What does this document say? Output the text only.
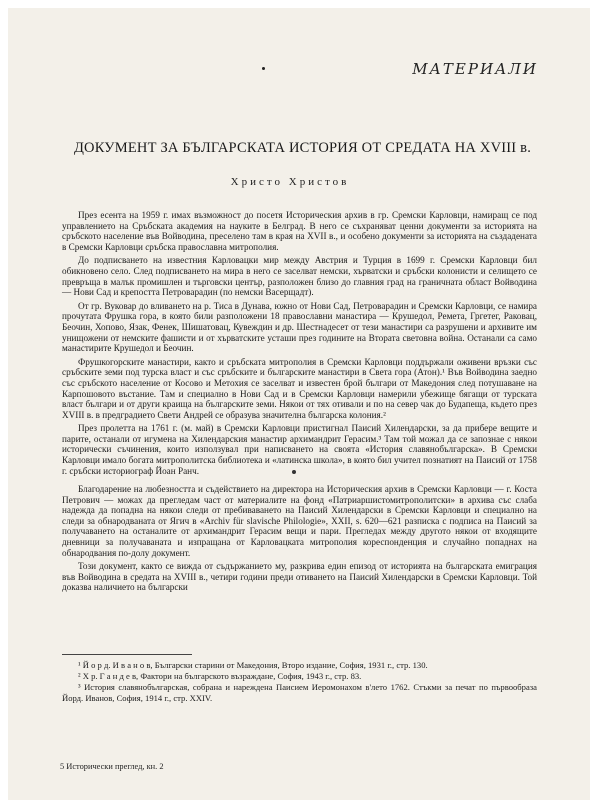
МАТЕРИАЛИ
ДОКУМЕНТ ЗА БЪЛГАРСКАТА ИСТОРИЯ ОТ СРЕДАТА НА XVIII в.
Христо Христов

През есента на 1959 г. имах възможност до посетя Историческия архив в гр. Сремски Карловци, намиращ се под управлението на Сръбската академия на науките в Белград. В него се съхраняват ценни документи за историята на сръбското население във Войводина, преселено там в края на XVII в., и особено документи за историята на създадената в Сремски Карловци сръбска православна митрополия.

До подписването на известния Карловацки мир между Австрия и Турция в 1699 г. Сремски Карловци бил обикновено село. След подписването на мира в него се заселват немски, хърватски и сръбски колонисти и селището се превръща в малък промишлен и търговски център, разположен близо до главния град на граничната област Войводина — Нови Сад и крепостта Петроварадин (по немски Васерщадт).

От гр. Вуковар до вливането на р. Тиса в Дунава, южно от Нови Сад, Петроварадин и Сремски Карловци, се намира прочутата Фрушка гора, в която били разположени 18 православни манастира — Крушедол, Ремета, Гргетег, Раковац, Беочин, Хопово, Язак, Фенек, Шишатовац, Кувеждин и др. Шестнадесет от тези манастири са разрушени и архивите им унищожени от немските фашисти и от хърватските усташи през годините на Втората световна война. Останали са само манастирите Крушедол и Беочин.

Фрушкогорските манастири, както и сръбската митрополия в Сремски Карловци поддържали оживени връзки със сръбските земи под турска власт и със сръбските и българските манастири в Света гора (Атон).¹ Във Войводина заедно със сръбското население от Косово и Метохия се заселват и известен брой българи от Македония след потушаване на Карпошовото въстание. Там и специално в Нови Сад и в Сремски Карловци намерили убежище бягащи от турската власт българи и от други краища на българските земи. Някои от тях отивали и по на север чак до Будапеща, където през XVIII в. в предградието Свети Андрей се образува значителна българска колония.²

През пролетта на 1761 г. (м. май) в Сремски Карловци пристигнал Паисий Хилендарски, за да прибере вещите и парите, останали от игумена на Хилендарския манастир архимандрит Герасим.³ Там той можал да се запознае с някои исторически съчинения, които използувал при написването на своята «История славянобългарска». В Сремски Карловци имало богата митрополитска библиотека и «латинска школа», в която бил учител познатият на Паисий от 1758 г. сръбски историограф Йоан Ранч.

Благодарение на любезността и съдействието на директора на Историческия архив в Сремски Карловци — г. Коста Петрович — можах да прегледам част от материалите на фонд «Патриаршистомитрополитски» в архива със слаба надежда да попадна на някои следи от пребиваването на Паисий Хилендарски в Сремски Карловци и специално на следи за обнародваната от Ягич в «Archiv für slavische Philologie», XXII, s. 620—621 разписка с подписа на Паисий за получаването на останалите от архимандрит Герасим вещи и пари. Прегледах между другото някои от входящите дневници за получаваната и изпращана от Карловацката митрополия кореспонденция и случайно попаднах на обнародвания по-долу документ.

Този документ, както се вижда от съдържанието му, разкрива един епизод от историята на българската емиграция във Войводина в средата на XVIII в., четири години преди отиването на Паисий Хилендарски в Сремски Карловци. Той доказва наличието на български

¹ Й о р д. И в а н о в, Български старини от Македония, Второ издание, София, 1931 г., стр. 130.

² Х р. Г а н д е в, Фактори на българското възраждане, София, 1943 г., стр. 83.

³ История славянобългарская, собрана и нареждена Паисием Иеромонахом в'лето 1762. Стъкми за печат по първообраза Йорд. Иванов, София, 1914 г., стр. XXIV.

5 Исторически преглед, кн. 2
